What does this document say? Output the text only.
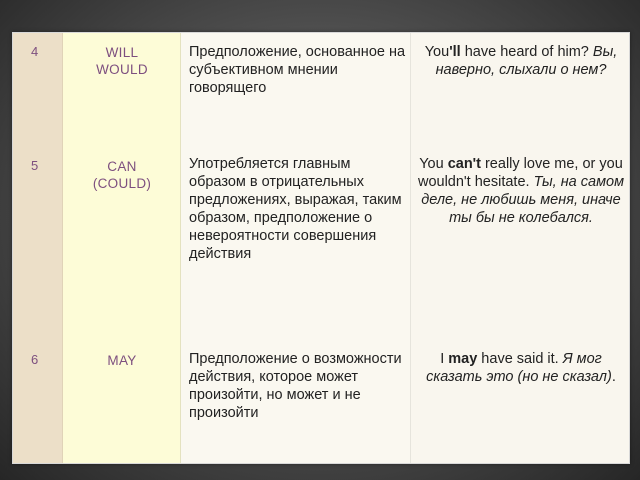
4
5
6
WILL
WOULD
CAN
(COULD)
MAY
Предположение, основанное на субъективном мнении говорящего
Употребляется главным образом в отрицательных предложениях, выражая, таким образом, предположение о невероятности совершения действия
Предположение о возможности действия, которое может произойти, но может и не произойти
You'll have heard of him? Вы, наверно, слыхали о нем?
You can't really love me, or you wouldn't hesitate. Ты, на самом деле, не любишь меня, иначе ты бы не колебался.
I may have said it. Я мог сказать это (но не сказал).
